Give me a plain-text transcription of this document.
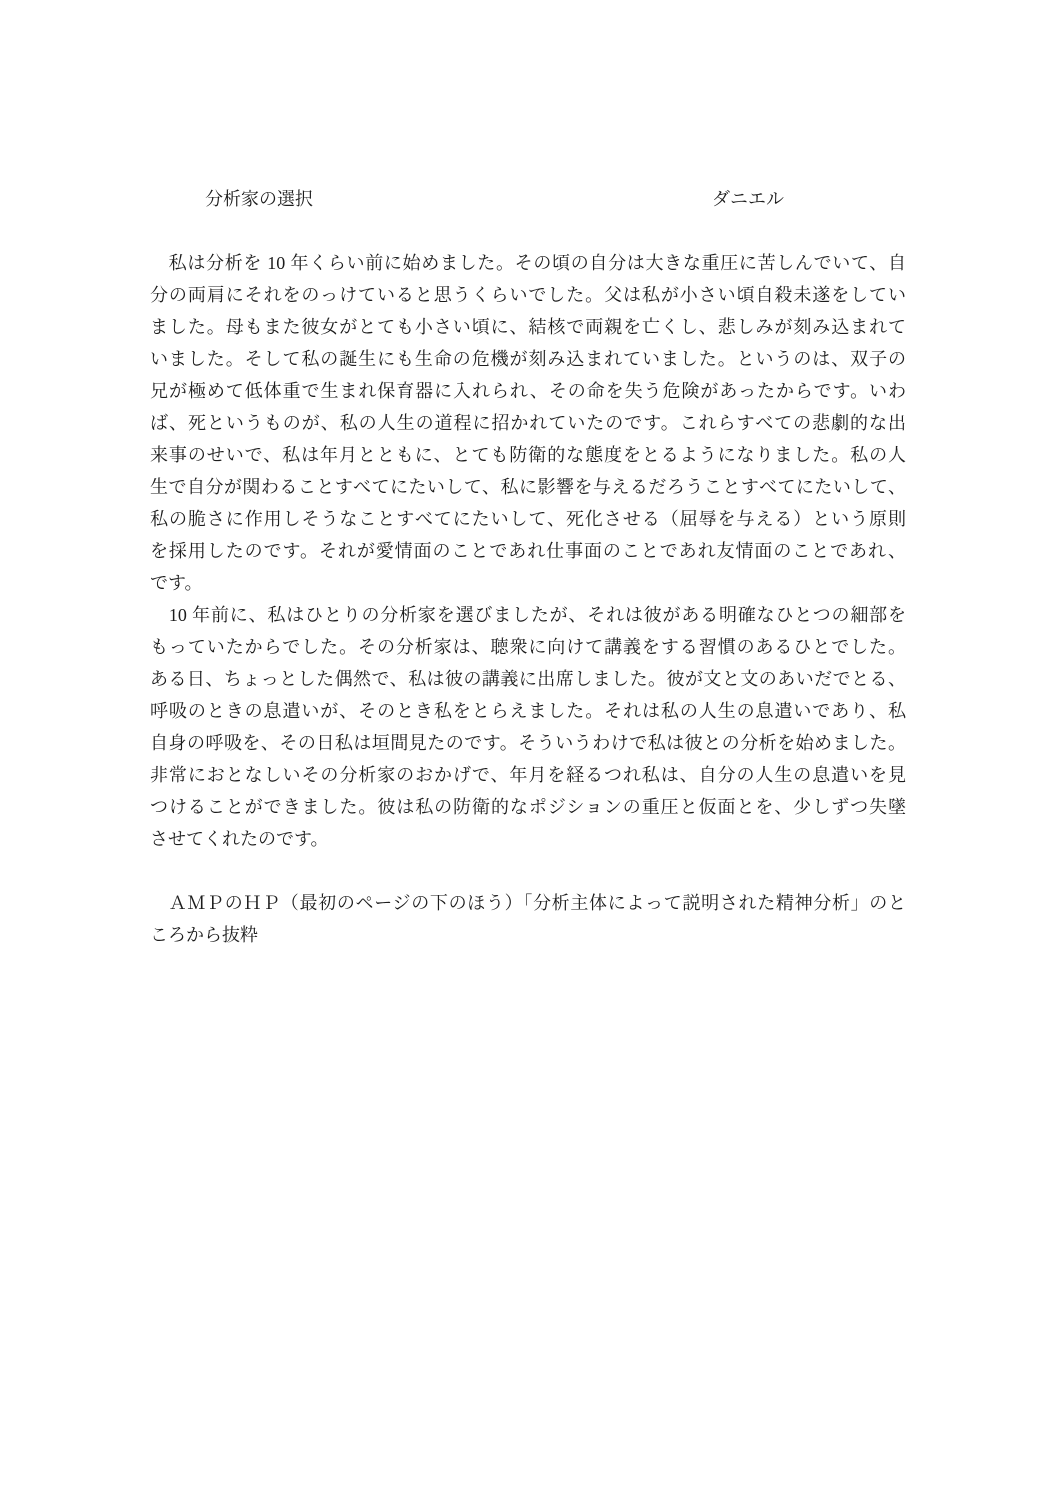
分析家の選択	ダニエル
　私は分析を 10 年くらい前に始めました。その頃の自分は大きな重圧に苦しんでいて、自
分の両肩にそれをのっけていると思うくらいでした。父は私が小さい頃自殺未遂をしてい
ました。母もまた彼女がとても小さい頃に、結核で両親を亡くし、悲しみが刻み込まれて
いました。そして私の誕生にも生命の危機が刻み込まれていました。というのは、双子の
兄が極めて低体重で生まれ保育器に入れられ、その命を失う危険があったからです。いわ
ば、死というものが、私の人生の道程に招かれていたのです。これらすべての悲劇的な出
来事のせいで、私は年月とともに、とても防衛的な態度をとるようになりました。私の人
生で自分が関わることすべてにたいして、私に影響を与えるだろうことすべてにたいして、
私の脆さに作用しそうなことすべてにたいして、死化させる（屈辱を与える）という原則
を採用したのです。それが愛情面のことであれ仕事面のことであれ友情面のことであれ、
です。
　10 年前に、私はひとりの分析家を選びましたが、それは彼がある明確なひとつの細部を
もっていたからでした。その分析家は、聴衆に向けて講義をする習慣のあるひとでした。
ある日、ちょっとした偶然で、私は彼の講義に出席しました。彼が文と文のあいだでとる、
呼吸のときの息遣いが、そのとき私をとらえました。それは私の人生の息遣いであり、私
自身の呼吸を、その日私は垣間見たのです。そういうわけで私は彼との分析を始めました。
非常におとなしいその分析家のおかげで、年月を経るつれ私は、自分の人生の息遣いを見
つけることができました。彼は私の防衛的なポジションの重圧と仮面とを、少しずつ失墜
させてくれたのです。
　ＡＭＰのＨＰ（最初のページの下のほう）「分析主体によって説明された精神分析」のと
ころから抜粋
